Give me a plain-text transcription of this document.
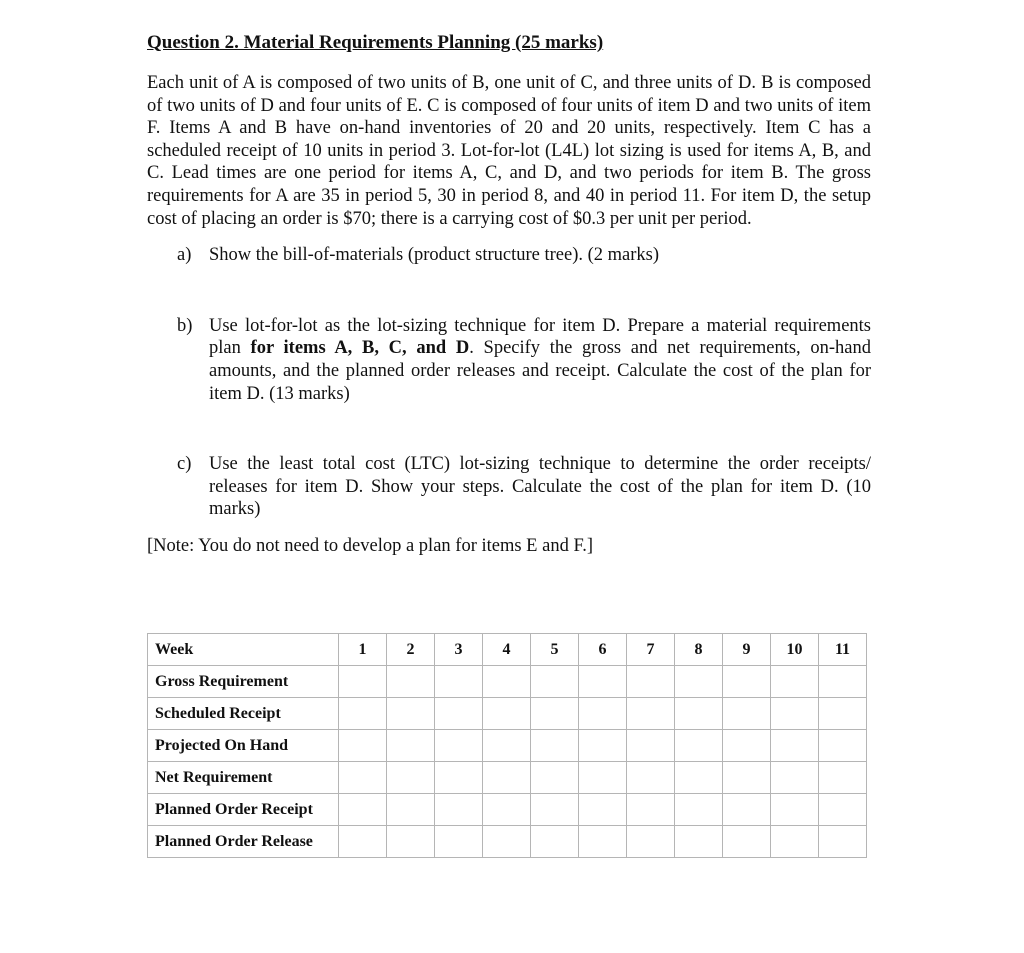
Question 2. Material Requirements Planning (25 marks)
Each unit of A is composed of two units of B, one unit of C, and three units of D. B is composed of two units of D and four units of E. C is composed of four units of item D and two units of item F. Items A and B have on-hand inventories of 20 and 20 units, respectively. Item C has a scheduled receipt of 10 units in period 3. Lot-for-lot (L4L) lot sizing is used for items A, B, and C. Lead times are one period for items A, C, and D, and two periods for item B. The gross requirements for A are 35 in period 5, 30 in period 8, and 40 in period 11. For item D, the setup cost of placing an order is $70; there is a carrying cost of $0.3 per unit per period.
a) Show the bill-of-materials (product structure tree). (2 marks)
b) Use lot-for-lot as the lot-sizing technique for item D. Prepare a material requirements plan for items A, B, C, and D. Specify the gross and net requirements, on-hand amounts, and the planned order releases and receipt. Calculate the cost of the plan for item D. (13 marks)
c) Use the least total cost (LTC) lot-sizing technique to determine the order receipts/ releases for item D. Show your steps. Calculate the cost of the plan for item D. (10 marks)
[Note: You do not need to develop a plan for items E and F.]
Week	1	2	3	4	5	6	7	8	9	10	11
Gross Requirement											
Scheduled Receipt											
Projected On Hand											
Net Requirement											
Planned Order Receipt											
Planned Order Release											
